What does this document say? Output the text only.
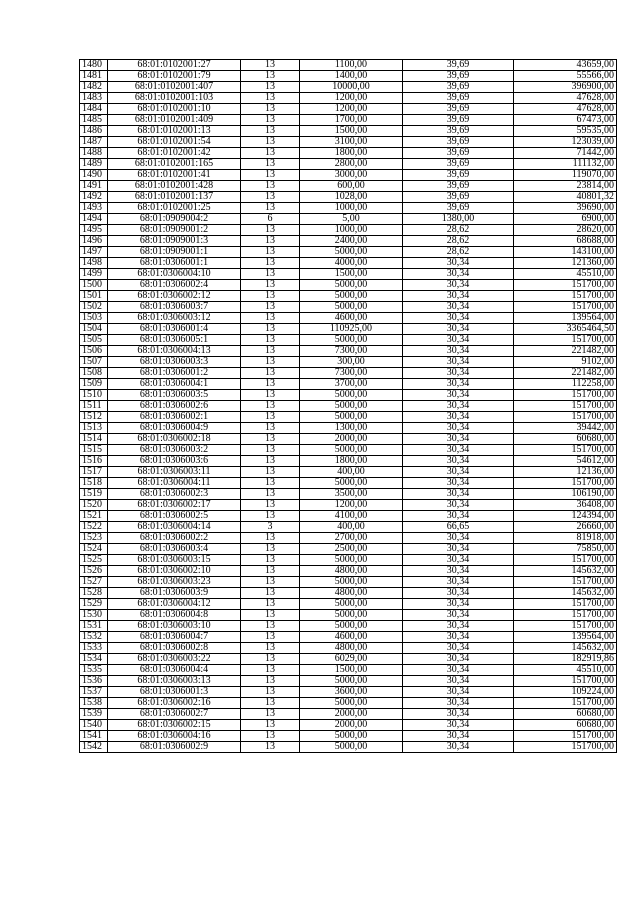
1480	68:01:0102001:27	13	1100,00	39,69	43659,00
1481	68:01:0102001:79	13	1400,00	39,69	55566,00
1482	68:01:0102001:407	13	10000,00	39,69	396900,00
1483	68:01:0102001:103	13	1200,00	39,69	47628,00
1484	68:01:0102001:10	13	1200,00	39,69	47628,00
1485	68:01:0102001:409	13	1700,00	39,69	67473,00
1486	68:01:0102001:13	13	1500,00	39,69	59535,00
1487	68:01:0102001:54	13	3100,00	39,69	123039,00
1488	68:01:0102001:42	13	1800,00	39,69	71442,00
1489	68:01:0102001:165	13	2800,00	39,69	111132,00
1490	68:01:0102001:41	13	3000,00	39,69	119070,00
1491	68:01:0102001:428	13	600,00	39,69	23814,00
1492	68:01:0102001:137	13	1028,00	39,69	40801,32
1493	68:01:0102001:25	13	1000,00	39,69	39690,00
1494	68:01:0909004:2	6	5,00	1380,00	6900,00
1495	68:01:0909001:2	13	1000,00	28,62	28620,00
1496	68:01:0909001:3	13	2400,00	28,62	68688,00
1497	68:01:0909001:1	13	5000,00	28,62	143100,00
1498	68:01:0306001:1	13	4000,00	30,34	121360,00
1499	68:01:0306004:10	13	1500,00	30,34	45510,00
1500	68:01:0306002:4	13	5000,00	30,34	151700,00
1501	68:01:0306002:12	13	5000,00	30,34	151700,00
1502	68:01:0306003:7	13	5000,00	30,34	151700,00
1503	68:01:0306003:12	13	4600,00	30,34	139564,00
1504	68:01:0306001:4	13	110925,00	30,34	3365464,50
1505	68:01:0306005:1	13	5000,00	30,34	151700,00
1506	68:01:0306004:13	13	7300,00	30,34	221482,00
1507	68:01:0306003:3	13	300,00	30,34	9102,00
1508	68:01:0306001:2	13	7300,00	30,34	221482,00
1509	68:01:0306004:1	13	3700,00	30,34	112258,00
1510	68:01:0306003:5	13	5000,00	30,34	151700,00
1511	68:01:0306002:6	13	5000,00	30,34	151700,00
1512	68:01:0306002:1	13	5000,00	30,34	151700,00
1513	68:01:0306004:9	13	1300,00	30,34	39442,00
1514	68:01:0306002:18	13	2000,00	30,34	60680,00
1515	68:01:0306003:2	13	5000,00	30,34	151700,00
1516	68:01:0306003:6	13	1800,00	30,34	54612,00
1517	68:01:0306003:11	13	400,00	30,34	12136,00
1518	68:01:0306004:11	13	5000,00	30,34	151700,00
1519	68:01:0306002:3	13	3500,00	30,34	106190,00
1520	68:01:0306002:17	13	1200,00	30,34	36408,00
1521	68:01:0306002:5	13	4100,00	30,34	124394,00
1522	68:01:0306004:14	3	400,00	66,65	26660,00
1523	68:01:0306002:2	13	2700,00	30,34	81918,00
1524	68:01:0306003:4	13	2500,00	30,34	75850,00
1525	68:01:0306003:15	13	5000,00	30,34	151700,00
1526	68:01:0306002:10	13	4800,00	30,34	145632,00
1527	68:01:0306003:23	13	5000,00	30,34	151700,00
1528	68:01:0306003:9	13	4800,00	30,34	145632,00
1529	68:01:0306004:12	13	5000,00	30,34	151700,00
1530	68:01:0306004:8	13	5000,00	30,34	151700,00
1531	68:01:0306003:10	13	5000,00	30,34	151700,00
1532	68:01:0306004:7	13	4600,00	30,34	139564,00
1533	68:01:0306002:8	13	4800,00	30,34	145632,00
1534	68:01:0306003:22	13	6029,00	30,34	182919,86
1535	68:01:0306004:4	13	1500,00	30,34	45510,00
1536	68:01:0306003:13	13	5000,00	30,34	151700,00
1537	68:01:0306001:3	13	3600,00	30,34	109224,00
1538	68:01:0306002:16	13	5000,00	30,34	151700,00
1539	68:01:0306002:7	13	2000,00	30,34	60680,00
1540	68:01:0306002:15	13	2000,00	30,34	60680,00
1541	68:01:0306004:16	13	5000,00	30,34	151700,00
1542	68:01:0306002:9	13	5000,00	30,34	151700,00
